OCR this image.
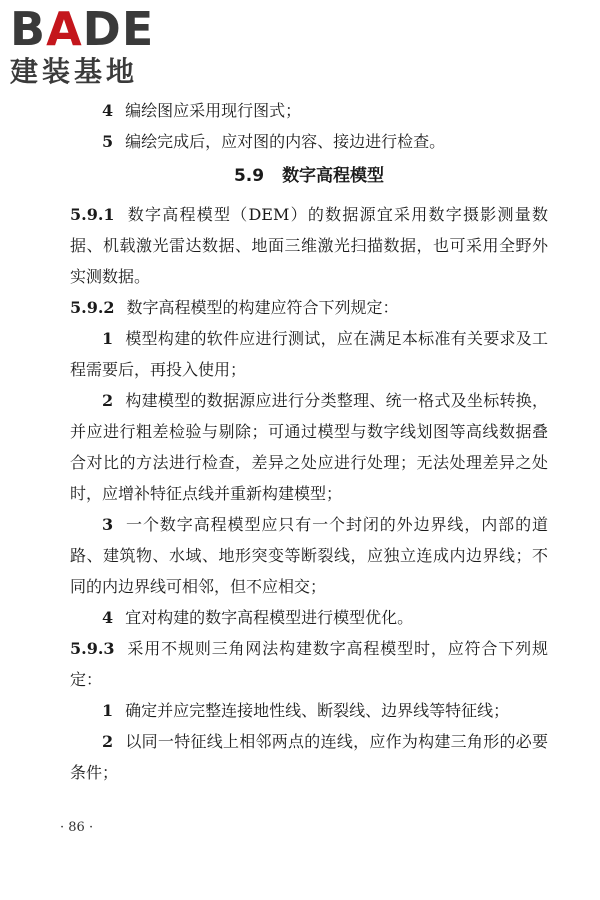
BADE
建装基地
4 编绘图应采用现行图式；
5 编绘完成后，应对图的内容、接边进行检查。
5.9 数字高程模型
5.9.1 数字高程模型（DEM）的数据源宜采用数字摄影测量数据、机载激光雷达数据、地面三维激光扫描数据，也可采用全野外实测数据。
5.9.2 数字高程模型的构建应符合下列规定：
1 模型构建的软件应进行测试，应在满足本标准有关要求及工程需要后，再投入使用；
2 构建模型的数据源应进行分类整理、统一格式及坐标转换，并应进行粗差检验与剔除；可通过模型与数字线划图等高线数据叠合对比的方法进行检查，差异之处应进行处理；无法处理差异之处时，应增补特征点线并重新构建模型；
3 一个数字高程模型应只有一个封闭的外边界线，内部的道路、建筑物、水域、地形突变等断裂线，应独立连成内边界线；不同的内边界线可相邻，但不应相交；
4 宜对构建的数字高程模型进行模型优化。
5.9.3 采用不规则三角网法构建数字高程模型时，应符合下列规定：
1 确定并应完整连接地性线、断裂线、边界线等特征线；
2 以同一特征线上相邻两点的连线，应作为构建三角形的必要条件；
· 86 ·
